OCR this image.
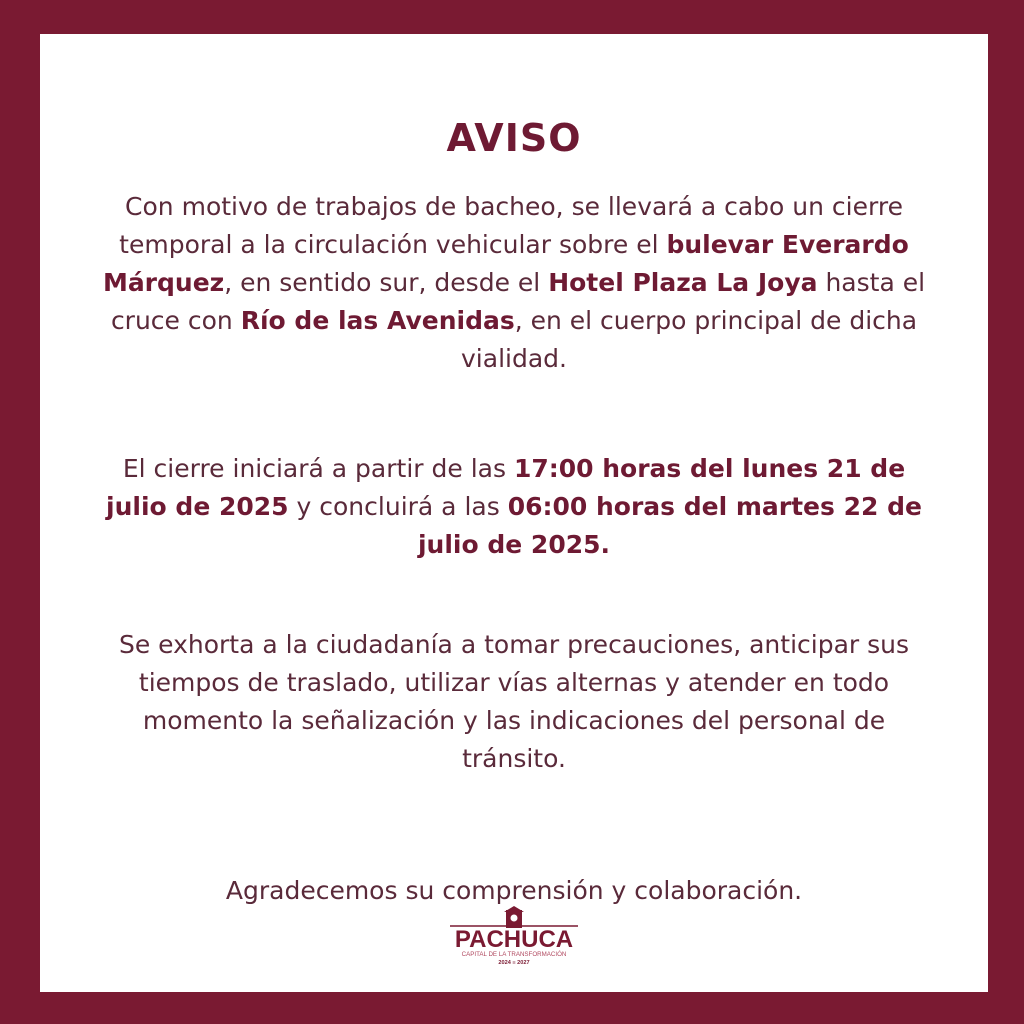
AVISO
Con motivo de trabajos de bacheo, se llevará a cabo un cierre temporal a la circulación vehicular sobre el bulevar Everardo Márquez, en sentido sur, desde el Hotel Plaza La Joya hasta el cruce con Río de las Avenidas, en el cuerpo principal de dicha vialidad.
El cierre iniciará a partir de las 17:00 horas del lunes 21 de julio de 2025 y concluirá a las 06:00 horas del martes 22 de julio de 2025.
Se exhorta a la ciudadanía a tomar precauciones, anticipar sus tiempos de traslado, utilizar vías alternas y atender en todo momento la señalización y las indicaciones del personal de tránsito.
Agradecemos su comprensión y colaboración.
PACHUCA
CAPITAL DE LA TRANSFORMACIÓN
2024 ≡ 2027
